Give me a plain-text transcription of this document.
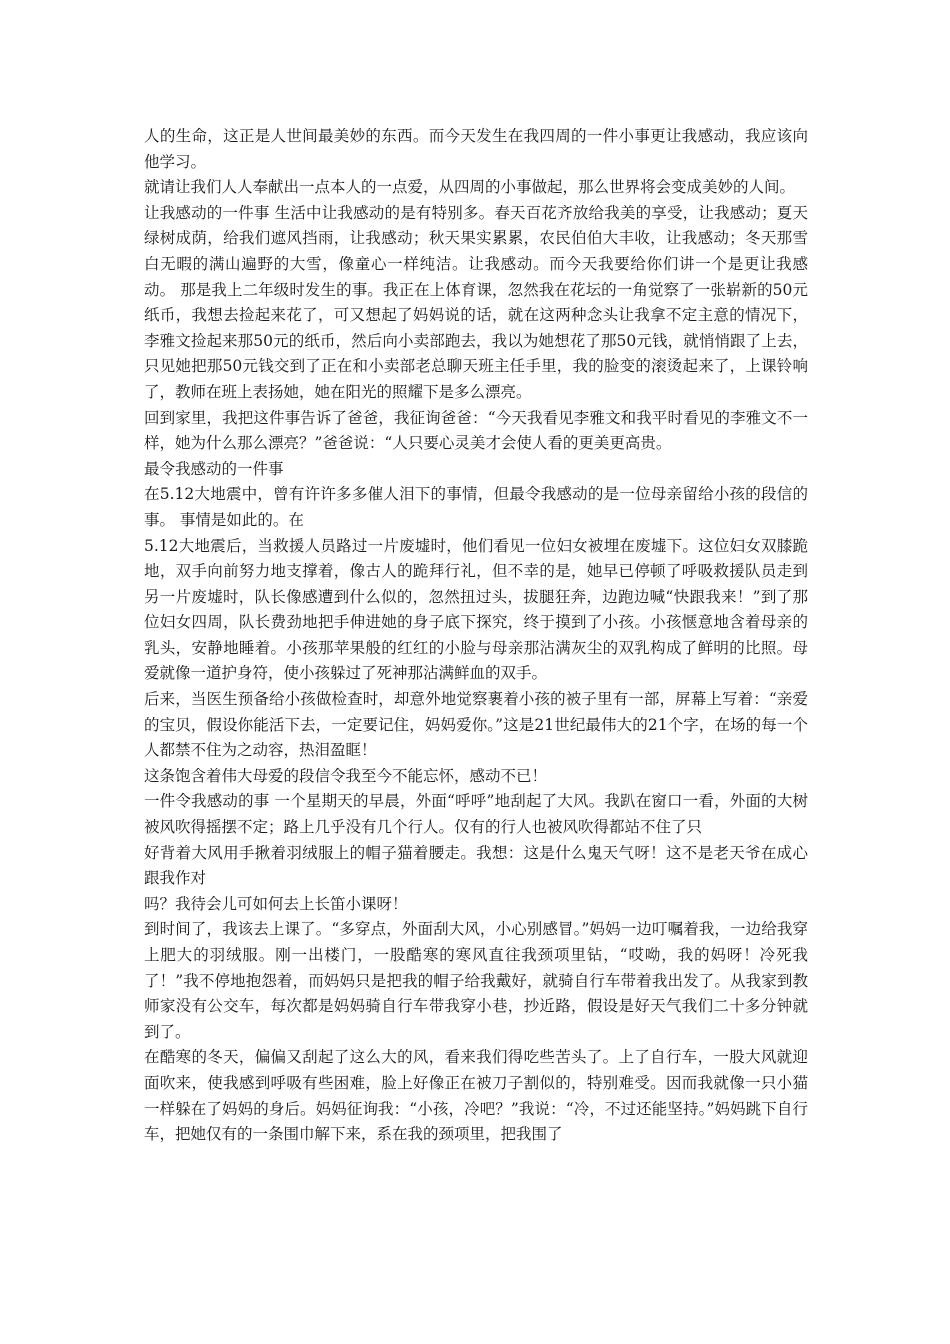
人的生命，这正是人世间最美妙的东西。而今天发生在我四周的一件小事更让我感动，我应该向他学习。

就请让我们人人奉献出一点本人的一点爱，从四周的小事做起，那么世界将会变成美妙的人间。

让我感动的一件事 生活中让我感动的是有特别多。春天百花齐放给我美的享受，让我感动；夏天绿树成荫，给我们遮风挡雨，让我感动；秋天果实累累，农民伯伯大丰收，让我感动；冬天那雪白无暇的满山遍野的大雪，像童心一样纯洁。让我感动。而今天我要给你们讲一个是更让我感动。 那是我上二年级时发生的事。我正在上体育课，忽然我在花坛的一角觉察了一张崭新的50元纸币，我想去捡起来花了，可又想起了妈妈说的话，就在这两种念头让我拿不定主意的情况下，李雅文捡起来那50元的纸币，然后向小卖部跑去，我以为她想花了那50元钱，就悄悄跟了上去，只见她把那50元钱交到了正在和小卖部老总聊天班主任手里，我的脸变的滚烫起来了，上课铃响了，教师在班上表扬她，她在阳光的照耀下是多么漂亮。

回到家里，我把这件事告诉了爸爸，我征询爸爸：“今天我看见李雅文和我平时看见的李雅文不一样，她为什么那么漂亮？”爸爸说：“人只要心灵美才会使人看的更美更高贵。

最令我感动的一件事

在5.12大地震中，曾有许许多多催人泪下的事情，但最令我感动的是一位母亲留给小孩的段信的事。 事情是如此的。在

5.12大地震后，当救援人员路过一片废墟时，他们看见一位妇女被埋在废墟下。这位妇女双膝跪地，双手向前努力地支撑着，像古人的跪拜行礼，但不幸的是，她早已停顿了呼吸救援队员走到另一片废墟时，队长像感遭到什么似的，忽然扭过头，拔腿狂奔，边跑边喊“快跟我来！”到了那位妇女四周，队长费劲地把手伸进她的身子底下探究，终于摸到了小孩。小孩惬意地含着母亲的乳头，安静地睡着。小孩那苹果般的红红的小脸与母亲那沾满灰尘的双乳构成了鲜明的比照。母爱就像一道护身符，使小孩躲过了死神那沾满鲜血的双手。

后来，当医生预备给小孩做检查时，却意外地觉察裹着小孩的被子里有一部，屏幕上写着：“亲爱的宝贝，假设你能活下去，一定要记住，妈妈爱你。”这是21世纪最伟大的21个字，在场的每一个人都禁不住为之动容，热泪盈眶！

这条饱含着伟大母爱的段信令我至今不能忘怀，感动不已！

一件令我感动的事 一个星期天的早晨，外面“呼呼”地刮起了大风。我趴在窗口一看，外面的大树被风吹得摇摆不定；路上几乎没有几个行人。仅有的行人也被风吹得都站不住了只

好背着大风用手揪着羽绒服上的帽子猫着腰走。我想：这是什么鬼天气呀！这不是老天爷在成心跟我作对

吗？我待会儿可如何去上长笛小课呀！

到时间了，我该去上课了。“多穿点，外面刮大风，小心别感冒。”妈妈一边叮嘱着我，一边给我穿上肥大的羽绒服。刚一出楼门，一股酷寒的寒风直往我颈项里钻，“哎呦，我的妈呀！冷死我了！”我不停地抱怨着，而妈妈只是把我的帽子给我戴好，就骑自行车带着我出发了。从我家到教师家没有公交车，每次都是妈妈骑自行车带我穿小巷，抄近路，假设是好天气我们二十多分钟就到了。

在酷寒的冬天，偏偏又刮起了这么大的风，看来我们得吃些苦头了。上了自行车，一股大风就迎面吹来，使我感到呼吸有些困难，脸上好像正在被刀子割似的，特别难受。因而我就像一只小猫一样躲在了妈妈的身后。妈妈征询我：“小孩，冷吧？”我说：“冷，不过还能坚持。”妈妈跳下自行车，把她仅有的一条围巾解下来，系在我的颈项里，把我围了
